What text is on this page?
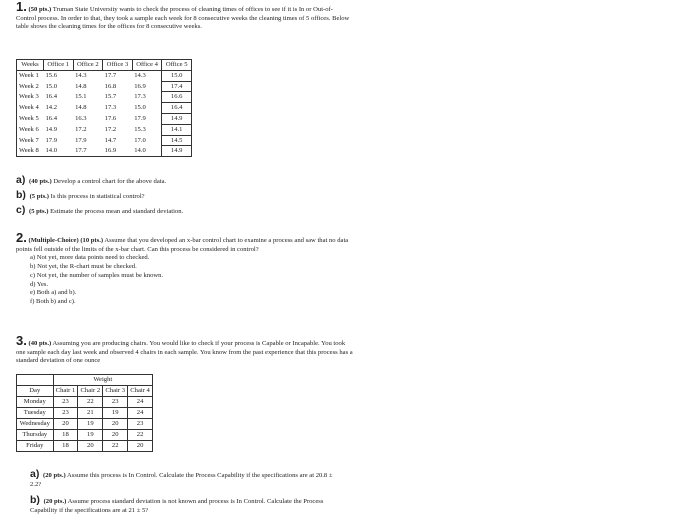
1. (50 pts.) Truman State University wants to check the process of cleaning times of offices to see if it is In or Out-of-Control process. In order to that, they took a sample each week for 8 consecutive weeks the cleaning times of 5 offices. Below table shows the cleaning times for the offices for 8 consecutive weeks.
Weeks	Office 1	Office 2	Office 3	Office 4	Office 5
Week 1	15.6	14.3	17.7	14.3	15.0
Week 2	15.0	14.8	16.8	16.9	17.4
Week 3	16.4	15.1	15.7	17.3	16.6
Week 4	14.2	14.8	17.3	15.0	16.4
Week 5	16.4	16.3	17.6	17.9	14.9
Week 6	14.9	17.2	17.2	15.3	14.1
Week 7	17.9	17.9	14.7	17.0	14.5
Week 8	14.0	17.7	16.9	14.0	14.9
a) (40 pts.) Develop a control chart for the above data.
b) (5 pts.) Is this process in statistical control?
c) (5 pts.) Estimate the process mean and standard deviation.
2. (Multiple-Choice) (10 pts.) Assume that you developed an x-bar control chart to examine a process and saw that no data points fell outside of the limits of the x-bar chart. Can this process be considered in control?
a) Not yet, more data points need to checked.
b) Not yet, the R-chart must be checked.
c) Not yet, the number of samples must be known.
d) Yes.
e) Both a) and b).
f) Both b) and c).
3. (40 pts.) Assuming you are producing chairs. You would like to check if your process is Capable or Incapable. You took one sample each day last week and observed 4 chairs in each sample. You know from the past experience that this process has a standard deviation of one ounce
	Weight			
Day	Chair 1	Chair 2	Chair 3	Chair 4
Monday	23	22	23	24
Tuesday	23	21	19	24
Wednesday	20	19	20	23
Thursday	18	19	20	22
Friday	18	20	22	20
a) (20 pts.) Assume this process is In Control. Calculate the Process Capability if the specifications are at 20.8 ± 2.2?
b) (20 pts.) Assume process standard deviation is not known and process is In Control. Calculate the Process Capability if the specifications are at 21 ± 5?
